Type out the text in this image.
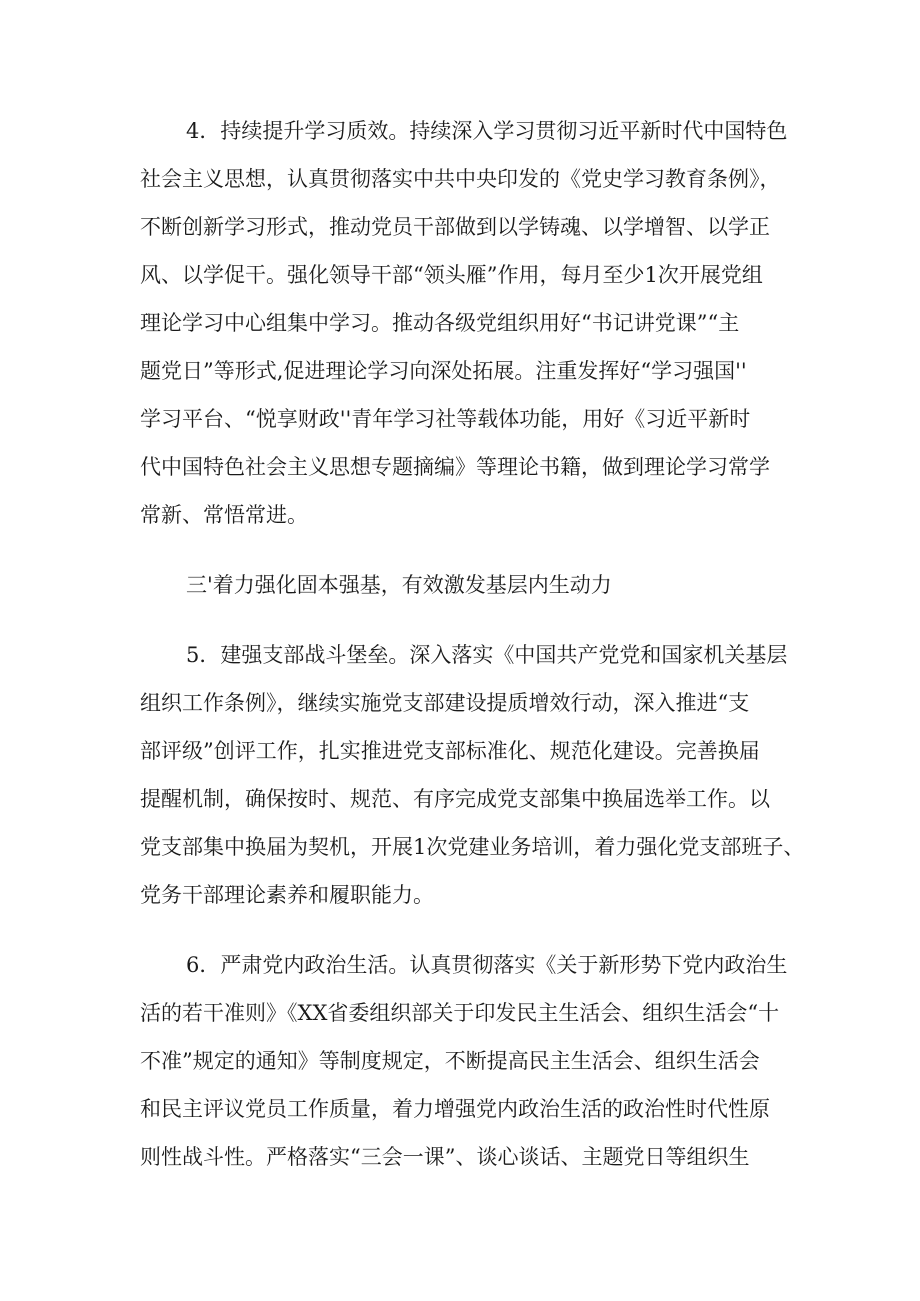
4．持续提升学习质效。持续深入学习贯彻习近平新时代中国特色
社会主义思想，认真贯彻落实中共中央印发的《党史学习教育条例》，
不断创新学习形式，推动党员干部做到以学铸魂、以学增智、以学正
风、以学促干。强化领导干部“领头雁”作用，每月至少1次开展党组
理论学习中心组集中学习。推动各级党组织用好“书记讲党课”“主
题党日”等形式,促进理论学习向深处拓展。注重发挥好“学习强国''
学习平台、“悦享财政''青年学习社等载体功能，用好《习近平新时
代中国特色社会主义思想专题摘编》等理论书籍，做到理论学习常学
常新、常悟常进。
三'着力强化固本强基，有效激发基层内生动力
5．建强支部战斗堡垒。深入落实《中国共产党党和国家机关基层
组织工作条例》，继续实施党支部建设提质增效行动，深入推进“支
部评级”创评工作，扎实推进党支部标准化、规范化建设。完善换届
提醒机制，确保按时、规范、有序完成党支部集中换届选举工作。以
党支部集中换届为契机，开展1次党建业务培训，着力强化党支部班子、
党务干部理论素养和履职能力。
6．严肃党内政治生活。认真贯彻落实《关于新形势下党内政治生
活的若干准则》《XX省委组织部关于印发民主生活会、组织生活会“十
不准”规定的通知》等制度规定，不断提高民主生活会、组织生活会
和民主评议党员工作质量，着力增强党内政治生活的政治性时代性原
则性战斗性。严格落实“三会一课”、谈心谈话、主题党日等组织生
